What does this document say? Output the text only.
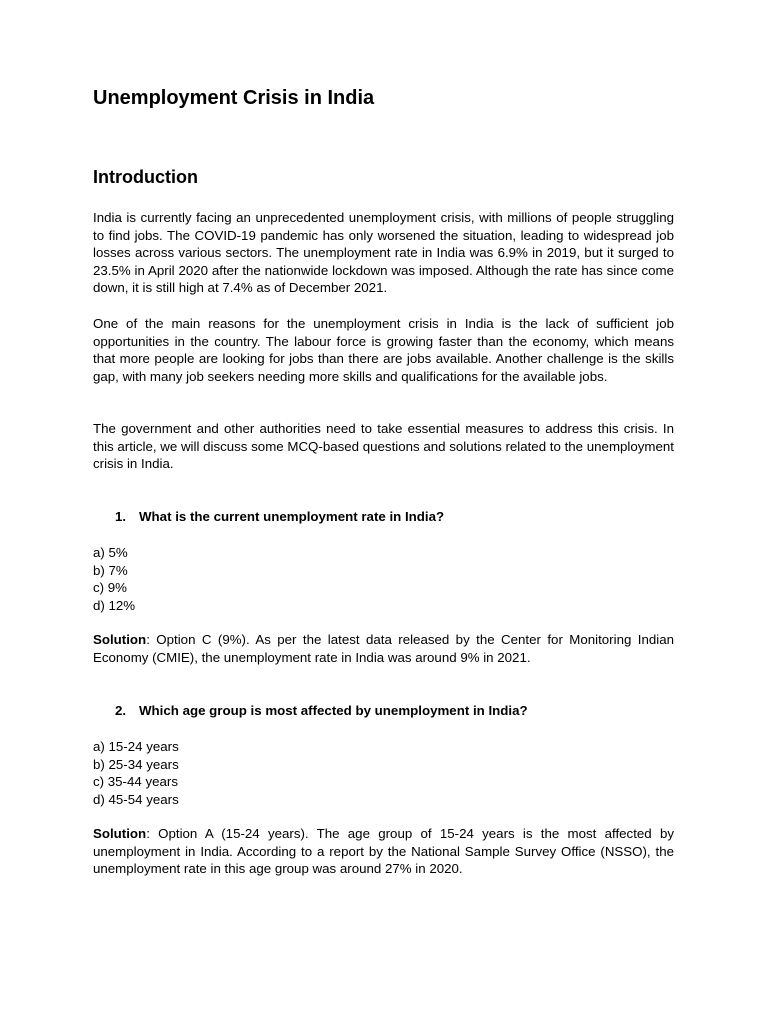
Unemployment Crisis in India
Introduction

India is currently facing an unprecedented unemployment crisis, with millions of people struggling to find jobs. The COVID-19 pandemic has only worsened the situation, leading to widespread job losses across various sectors. The unemployment rate in India was 6.9% in 2019, but it surged to 23.5% in April 2020 after the nationwide lockdown was imposed. Although the rate has since come down, it is still high at 7.4% as of December 2021.

One of the main reasons for the unemployment crisis in India is the lack of sufficient job opportunities in the country. The labour force is growing faster than the economy, which means that more people are looking for jobs than there are jobs available. Another challenge is the skills gap, with many job seekers needing more skills and qualifications for the available jobs.

The government and other authorities need to take essential measures to address this crisis. In this article, we will discuss some MCQ-based questions and solutions related to the unemployment crisis in India.

1. What is the current unemployment rate in India?
a) 5%
b) 7%
c) 9%
d) 12%

Solution: Option C (9%). As per the latest data released by the Center for Monitoring Indian Economy (CMIE), the unemployment rate in India was around 9% in 2021.

2. Which age group is most affected by unemployment in India?
a) 15-24 years
b) 25-34 years
c) 35-44 years
d) 45-54 years

Solution: Option A (15-24 years). The age group of 15-24 years is the most affected by unemployment in India. According to a report by the National Sample Survey Office (NSSO), the unemployment rate in this age group was around 27% in 2020.
